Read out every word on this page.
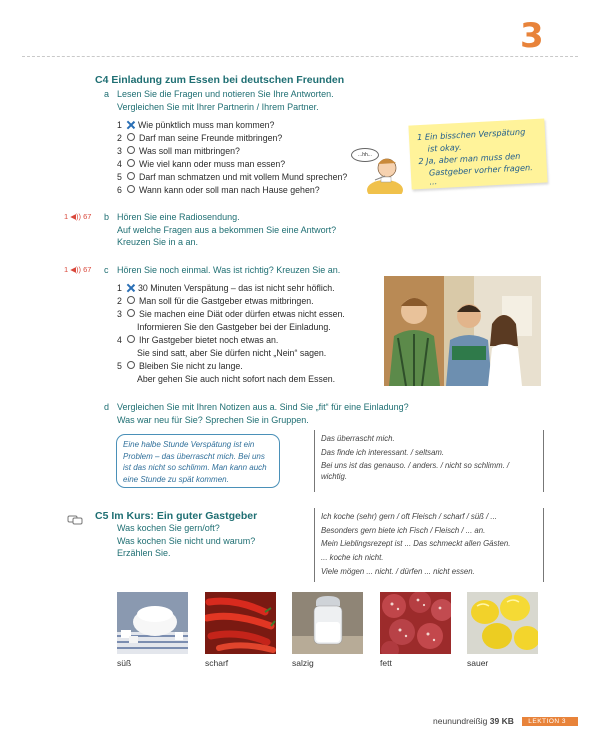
3
C4 Einladung zum Essen bei deutschen Freunden
a Lesen Sie die Fragen und notieren Sie Ihre Antworten.
Vergleichen Sie mit Ihrer Partnerin / Ihrem Partner.
1 Wie pünktlich muss man kommen?
2 Darf man seine Freunde mitbringen?
3 Was soll man mitbringen?
4 Wie viel kann oder muss man essen?
5 Darf man schmatzen und mit vollem Mund sprechen?
6 Wann kann oder soll man nach Hause gehen?
...hh...
1 Ein bisschen Verspätung
ist okay.
2 Ja, aber man muss den
Gastgeber vorher fragen.
...
1 ◀)) 67 b Hören Sie eine Radiosendung.
Auf welche Fragen aus a bekommen Sie eine Antwort?
Kreuzen Sie in a an.
1 ◀)) 67 c Hören Sie noch einmal. Was ist richtig? Kreuzen Sie an.
1 30 Minuten Verspätung – das ist nicht sehr höflich.
2 Man soll für die Gastgeber etwas mitbringen.
3 Sie machen eine Diät oder dürfen etwas nicht essen.
Informieren Sie den Gastgeber bei der Einladung.
4 Ihr Gastgeber bietet noch etwas an.
Sie sind satt, aber Sie dürfen nicht „Nein“ sagen.
5 Bleiben Sie nicht zu lange.
Aber gehen Sie auch nicht sofort nach dem Essen.
d Vergleichen Sie mit Ihren Notizen aus a. Sind Sie „fit“ für eine Einladung?
Was war neu für Sie? Sprechen Sie in Gruppen.
Eine halbe Stunde Verspätung ist ein Problem – das überrascht mich. Bei uns ist das nicht so schlimm. Man kann auch eine Stunde zu spät kommen.
Das überrascht mich.
Das finde ich interessant. / seltsam.
Bei uns ist das genauso. / anders. / nicht so schlimm. /
wichtig.
C5 Im Kurs: Ein guter Gastgeber
Was kochen Sie gern/oft?
Was kochen Sie nicht und warum?
Erzählen Sie.
Ich koche (sehr) gern / oft Fleisch / scharf / süß / ...
Besonders gern biete ich Fisch / Fleisch / ... an.
Mein Lieblingsrezept ist ... Das schmeckt allen Gästen.
... koche ich nicht.
Viele mögen ... nicht. / dürfen ... nicht essen.
süß	scharf	salzig	fett	sauer
neunundreißig 39 KB LEKTION 3
